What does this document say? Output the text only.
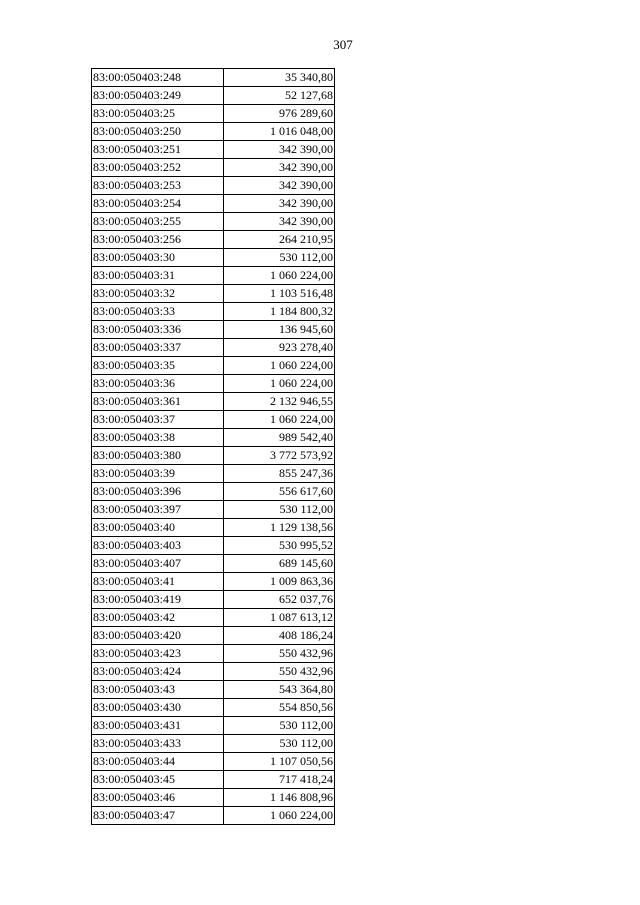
307
83:00:050403:248	35 340,80
83:00:050403:249	52 127,68
83:00:050403:25	976 289,60
83:00:050403:250	1 016 048,00
83:00:050403:251	342 390,00
83:00:050403:252	342 390,00
83:00:050403:253	342 390,00
83:00:050403:254	342 390,00
83:00:050403:255	342 390,00
83:00:050403:256	264 210,95
83:00:050403:30	530 112,00
83:00:050403:31	1 060 224,00
83:00:050403:32	1 103 516,48
83:00:050403:33	1 184 800,32
83:00:050403:336	136 945,60
83:00:050403:337	923 278,40
83:00:050403:35	1 060 224,00
83:00:050403:36	1 060 224,00
83:00:050403:361	2 132 946,55
83:00:050403:37	1 060 224,00
83:00:050403:38	989 542,40
83:00:050403:380	3 772 573,92
83:00:050403:39	855 247,36
83:00:050403:396	556 617,60
83:00:050403:397	530 112,00
83:00:050403:40	1 129 138,56
83:00:050403:403	530 995,52
83:00:050403:407	689 145,60
83:00:050403:41	1 009 863,36
83:00:050403:419	652 037,76
83:00:050403:42	1 087 613,12
83:00:050403:420	408 186,24
83:00:050403:423	550 432,96
83:00:050403:424	550 432,96
83:00:050403:43	543 364,80
83:00:050403:430	554 850,56
83:00:050403:431	530 112,00
83:00:050403:433	530 112,00
83:00:050403:44	1 107 050,56
83:00:050403:45	717 418,24
83:00:050403:46	1 146 808,96
83:00:050403:47	1 060 224,00
